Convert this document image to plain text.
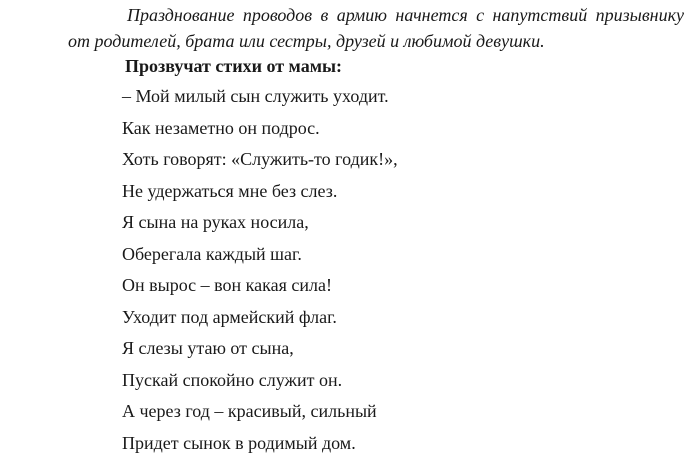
Празднование проводов в армию начнется с напутствий призывнику
от родителей, брата или сестры, друзей и любимой девушки.

Прозвучат стихи от мамы:

– Мой милый сын служить уходит.

Как незаметно он подрос.

Хоть говорят: «Служить-то годик!»,

Не удержаться мне без слез.

Я сына на руках носила,

Оберегала каждый шаг.

Он вырос – вон какая сила!

Уходит под армейский флаг.

Я слезы утаю от сына,

Пускай спокойно служит он.

А через год – красивый, сильный

Придет сынок в родимый дом.
